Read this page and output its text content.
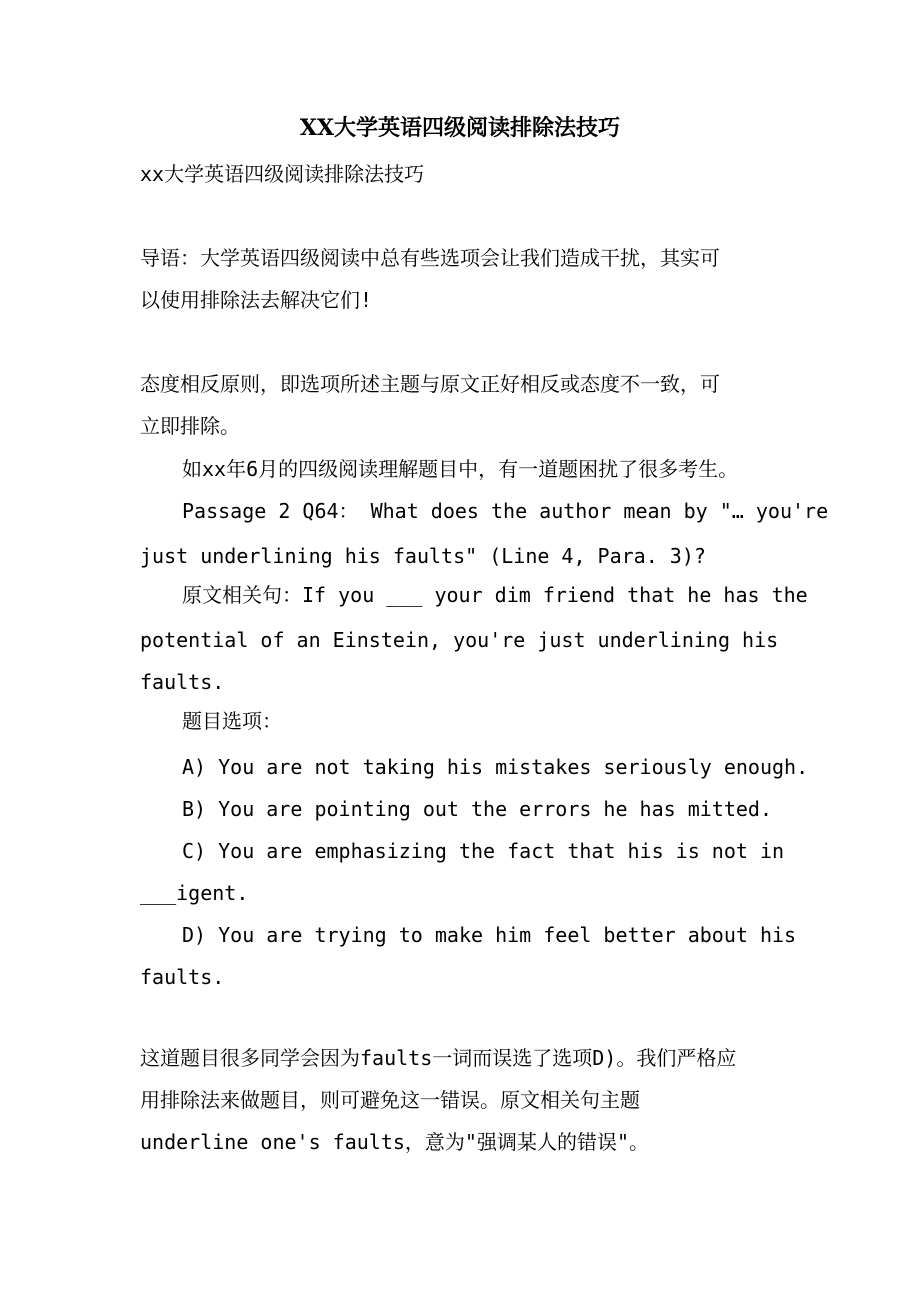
XX大学英语四级阅读排除法技巧
xx大学英语四级阅读排除法技巧
导语：大学英语四级阅读中总有些选项会让我们造成干扰，其实可
以使用排除法去解决它们!
态度相反原则，即选项所述主题与原文正好相反或态度不一致，可
立即排除。
如xx年6月的四级阅读理解题目中，有一道题困扰了很多考生。
Passage 2 Q64： What does the author mean by "… you're
just underlining his faults" (Line 4, Para. 3)?
原文相关句：If you ___ your dim friend that he has the
potential of an Einstein, you're just underlining his
faults.
题目选项：
A) You are not taking his mistakes seriously enough.
B) You are pointing out the errors he has mitted.
C) You are emphasizing the fact that his is not in
___igent.
D) You are trying to make him feel better about his
faults.
这道题目很多同学会因为faults一词而误选了选项D)。我们严格应
用排除法来做题目，则可避免这一错误。原文相关句主题
underline one's faults，意为"强调某人的错误"。
